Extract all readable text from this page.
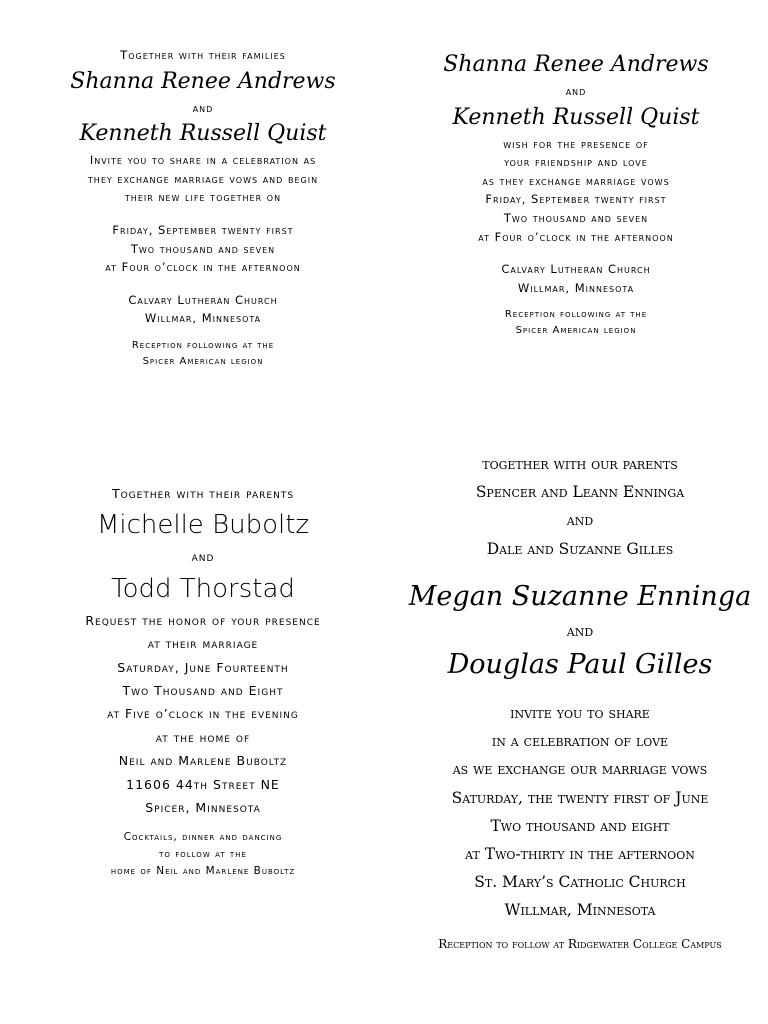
Together with their families
Shanna Renee Andrews
and
Kenneth Russell Quist
Invite you to share in a celebration as
they exchange marriage vows and begin
their new life together on
Friday, September twenty first
Two thousand and seven
at Four o’clock in the afternoon
Calvary Lutheran Church
Willmar, Minnesota
Reception following at the
Spicer American legion
Shanna Renee Andrews
and
Kenneth Russell Quist
wish for the presence of
your friendship and love
as they exchange marriage vows
Friday, September twenty first
Two thousand and seven
at Four o’clock in the afternoon
Calvary Lutheran Church
Willmar, Minnesota
Reception following at the
Spicer American legion
Together with their parents
Michelle Buboltz
and
Todd Thorstad
Request the honor of your presence
at their marriage
Saturday, June Fourteenth
Two Thousand and Eight
at Five o’clock in the evening
at the home of
Neil and Marlene Buboltz
11606 44th Street NE
Spicer, Minnesota
Cocktails, dinner and dancing
to follow at the
home of Neil and Marlene Buboltz
together with our parents
Spencer and Leann Enninga
and
Dale and Suzanne Gilles
Megan Suzanne Enninga
and
Douglas Paul Gilles
invite you to share
in a celebration of love
as we exchange our marriage vows
Saturday, the twenty first of June
Two thousand and eight
at Two-thirty in the afternoon
St. Mary’s Catholic Church
Willmar, Minnesota
Reception to follow at Ridgewater College Campus
